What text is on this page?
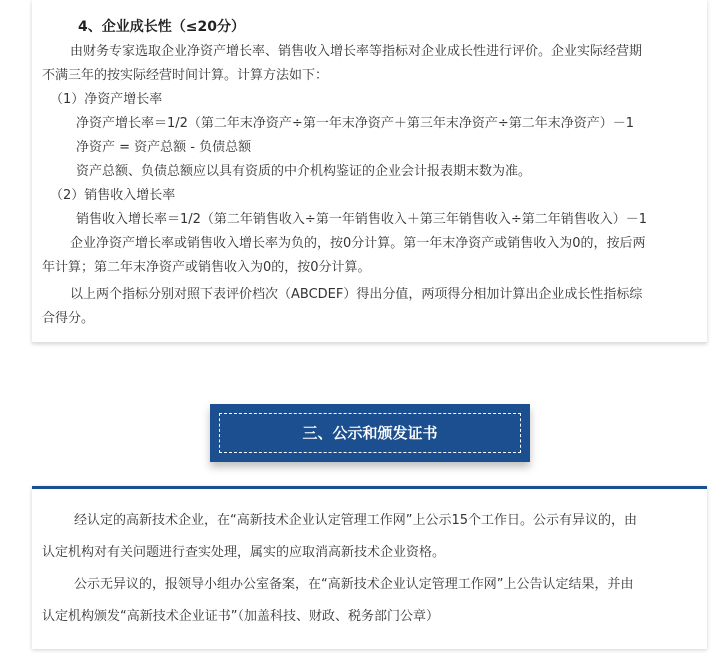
4、企业成长性（≤20分）
由财务专家选取企业净资产增长率、销售收入增长率等指标对企业成长性进行评价。企业实际经营期
不满三年的按实际经营时间计算。计算方法如下：
（1）净资产增长率
净资产增长率＝1/2（第二年末净资产÷第一年末净资产＋第三年末净资产÷第二年末净资产）－1
净资产 = 资产总额 - 负债总额
资产总额、负债总额应以具有资质的中介机构鉴证的企业会计报表期末数为准。
（2）销售收入增长率
销售收入增长率＝1/2（第二年销售收入÷第一年销售收入＋第三年销售收入÷第二年销售收入）－1
企业净资产增长率或销售收入增长率为负的，按0分计算。第一年末净资产或销售收入为0的，按后两
年计算；第二年末净资产或销售收入为0的，按0分计算。
以上两个指标分别对照下表评价档次（ABCDEF）得出分值，两项得分相加计算出企业成长性指标综
合得分。
三、公示和颁发证书
经认定的高新技术企业，在“高新技术企业认定管理工作网”上公示15个工作日。公示有异议的，由
认定机构对有关问题进行查实处理，属实的应取消高新技术企业资格。
公示无异议的，报领导小组办公室备案，在“高新技术企业认定管理工作网”上公告认定结果，并由
认定机构颁发“高新技术企业证书”（加盖科技、财政、税务部门公章）
